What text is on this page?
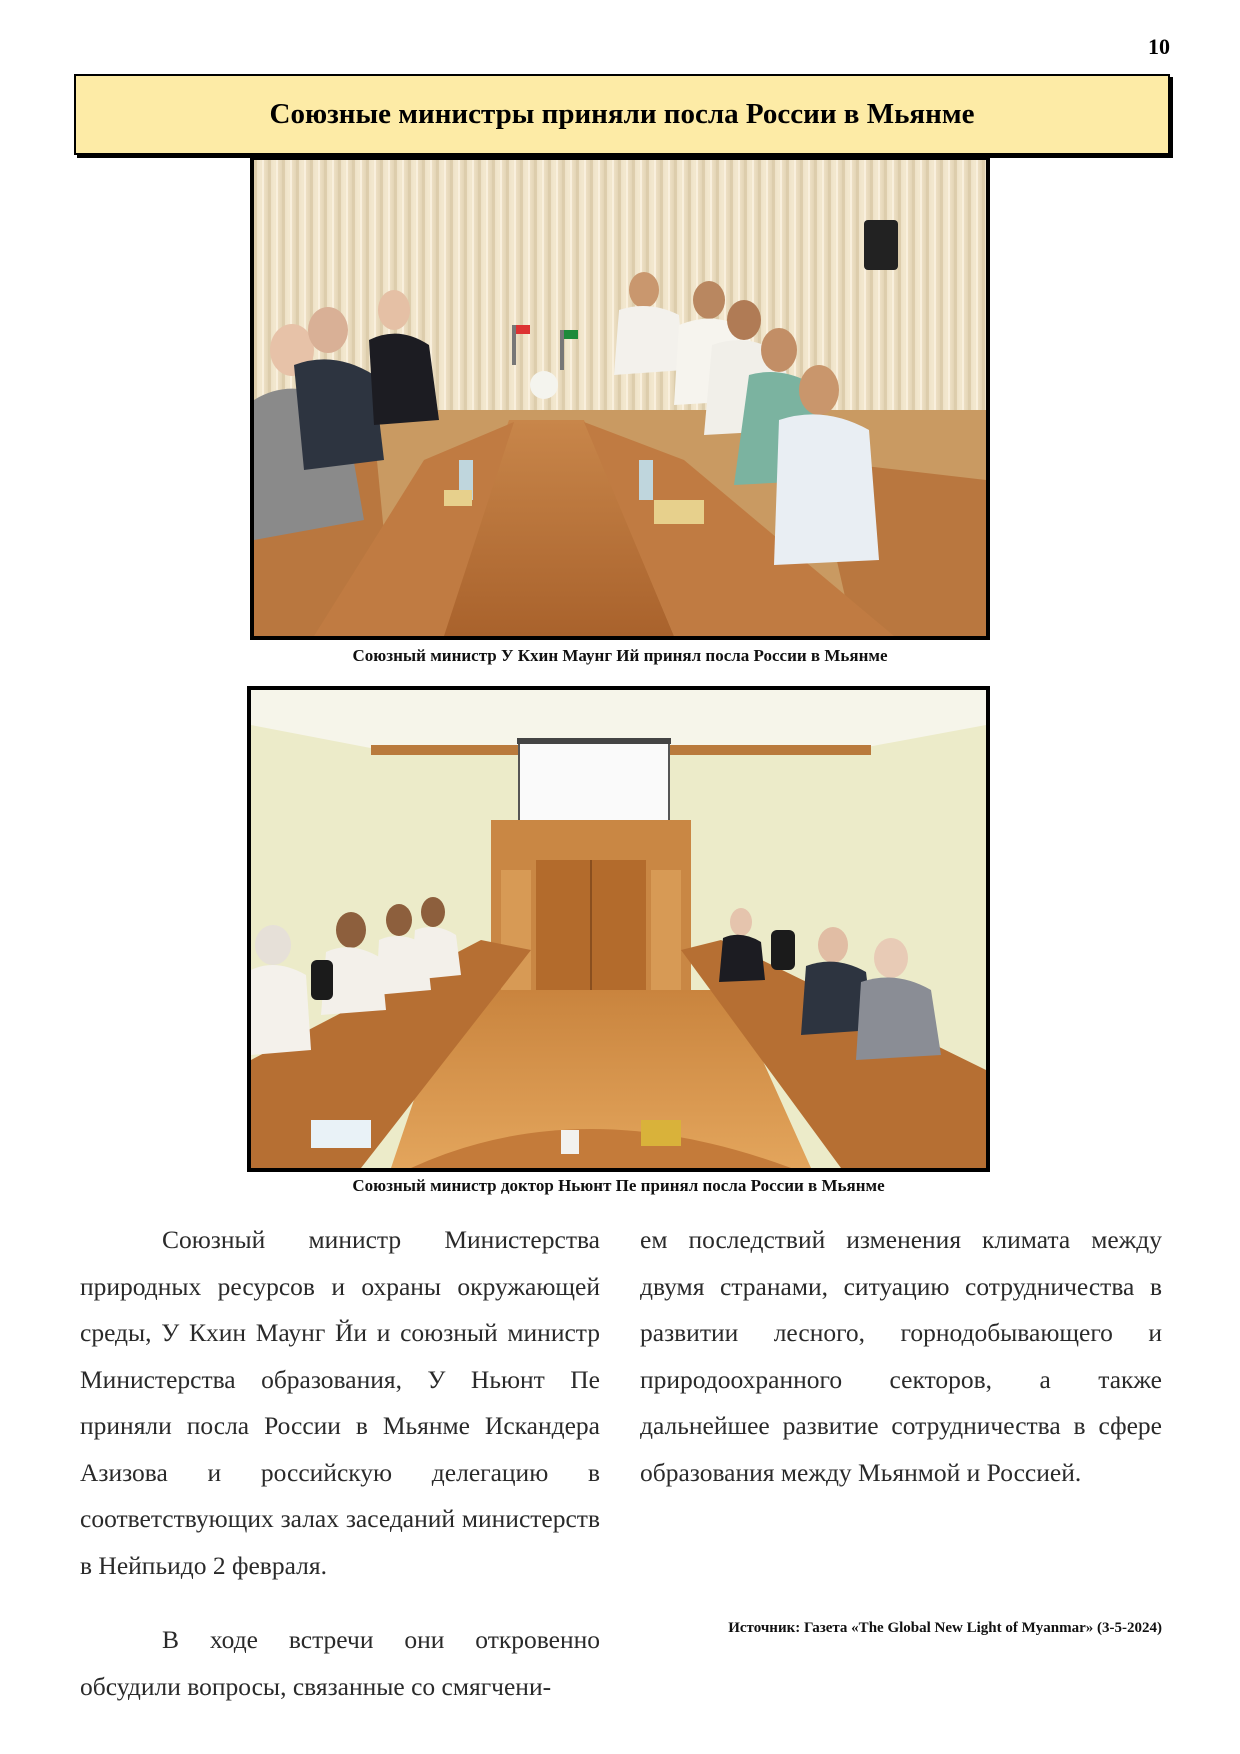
10
Союзные министры приняли посла России в Мьянме
Союзный министр У Кхин Маунг Ий принял посла России в Мьянме
Союзный министр доктор Ньюнт Пе принял посла России в Мьянме

Союзный министр Министерства природных ресурсов и охраны окружающей среды, У Кхин Маунг Йи и союзный министр Министерства образования, У Ньюнт Пе приняли посла России в Мьянме Искандера Азизова и российскую делегацию в соответствующих залах заседаний министерств в Нейпьидо 2 февраля.

В ходе встречи они откровенно обсудили вопросы, связанные со смягчени-

ем последствий изменения климата между двумя странами, ситуацию сотрудничества в развитии лесного, горнодобывающего и природоохранного секторов, а также дальнейшее развитие сотрудничества в сфере образования между Мьянмой и Россией.

Источник: Газета «The Global New Light of Myanmar» (3-5-2024)
